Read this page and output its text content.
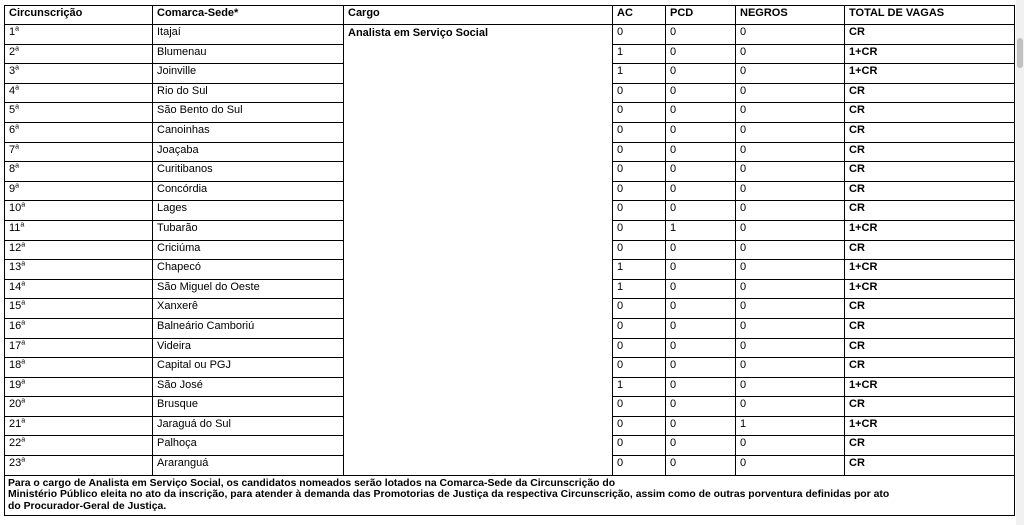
Circunscrição	Comarca-Sede*	Cargo	AC	PCD	NEGROS	TOTAL DE VAGAS
1$^a$	Itajaí	Analista em Serviço Social	0	0	0	CR
2$^a$	Blumenau		1	0	0	1+CR
3$^a$	Joinville		1	0	0	1+CR
4$^a$	Rio do Sul		0	0	0	CR
5$^a$	São Bento do Sul		0	0	0	CR
6$^a$	Canoinhas		0	0	0	CR
7$^a$	Joaçaba		0	0	0	CR
8$^a$	Curitibanos		0	0	0	CR
9$^a$	Concórdia		0	0	0	CR
10$^a$	Lages		0	0	0	CR
11$^a$	Tubarão		0	1	0	1+CR
12$^a$	Criciúma		0	0	0	CR
13$^a$	Chapecó		1	0	0	1+CR
14$^a$	São Miguel do Oeste		1	0	0	1+CR
15$^a$	Xanxerê		0	0	0	CR
16$^a$	Balneário Camboriú		0	0	0	CR
17$^a$	Videira		0	0	0	CR
18$^a$	Capital ou PGJ		0	0	0	CR
19$^a$	São José		1	0	0	1+CR
20$^a$	Brusque		0	0	0	CR
21$^a$	Jaraguá do Sul		0	0	1	1+CR
22$^a$	Palhoça		0	0	0	CR
23$^a$	Araranguá		0	0	0	CR

Para o cargo de Analista em Serviço Social, os candidatos nomeados serão lotados na Comarca-Sede da Circunscrição do
Ministério Público eleita no ato da inscrição, para atender à demanda das Promotorias de Justiça da respectiva Circunscrição, assim como de outras porventura definidas por ato
do Procurador-Geral de Justiça.						
